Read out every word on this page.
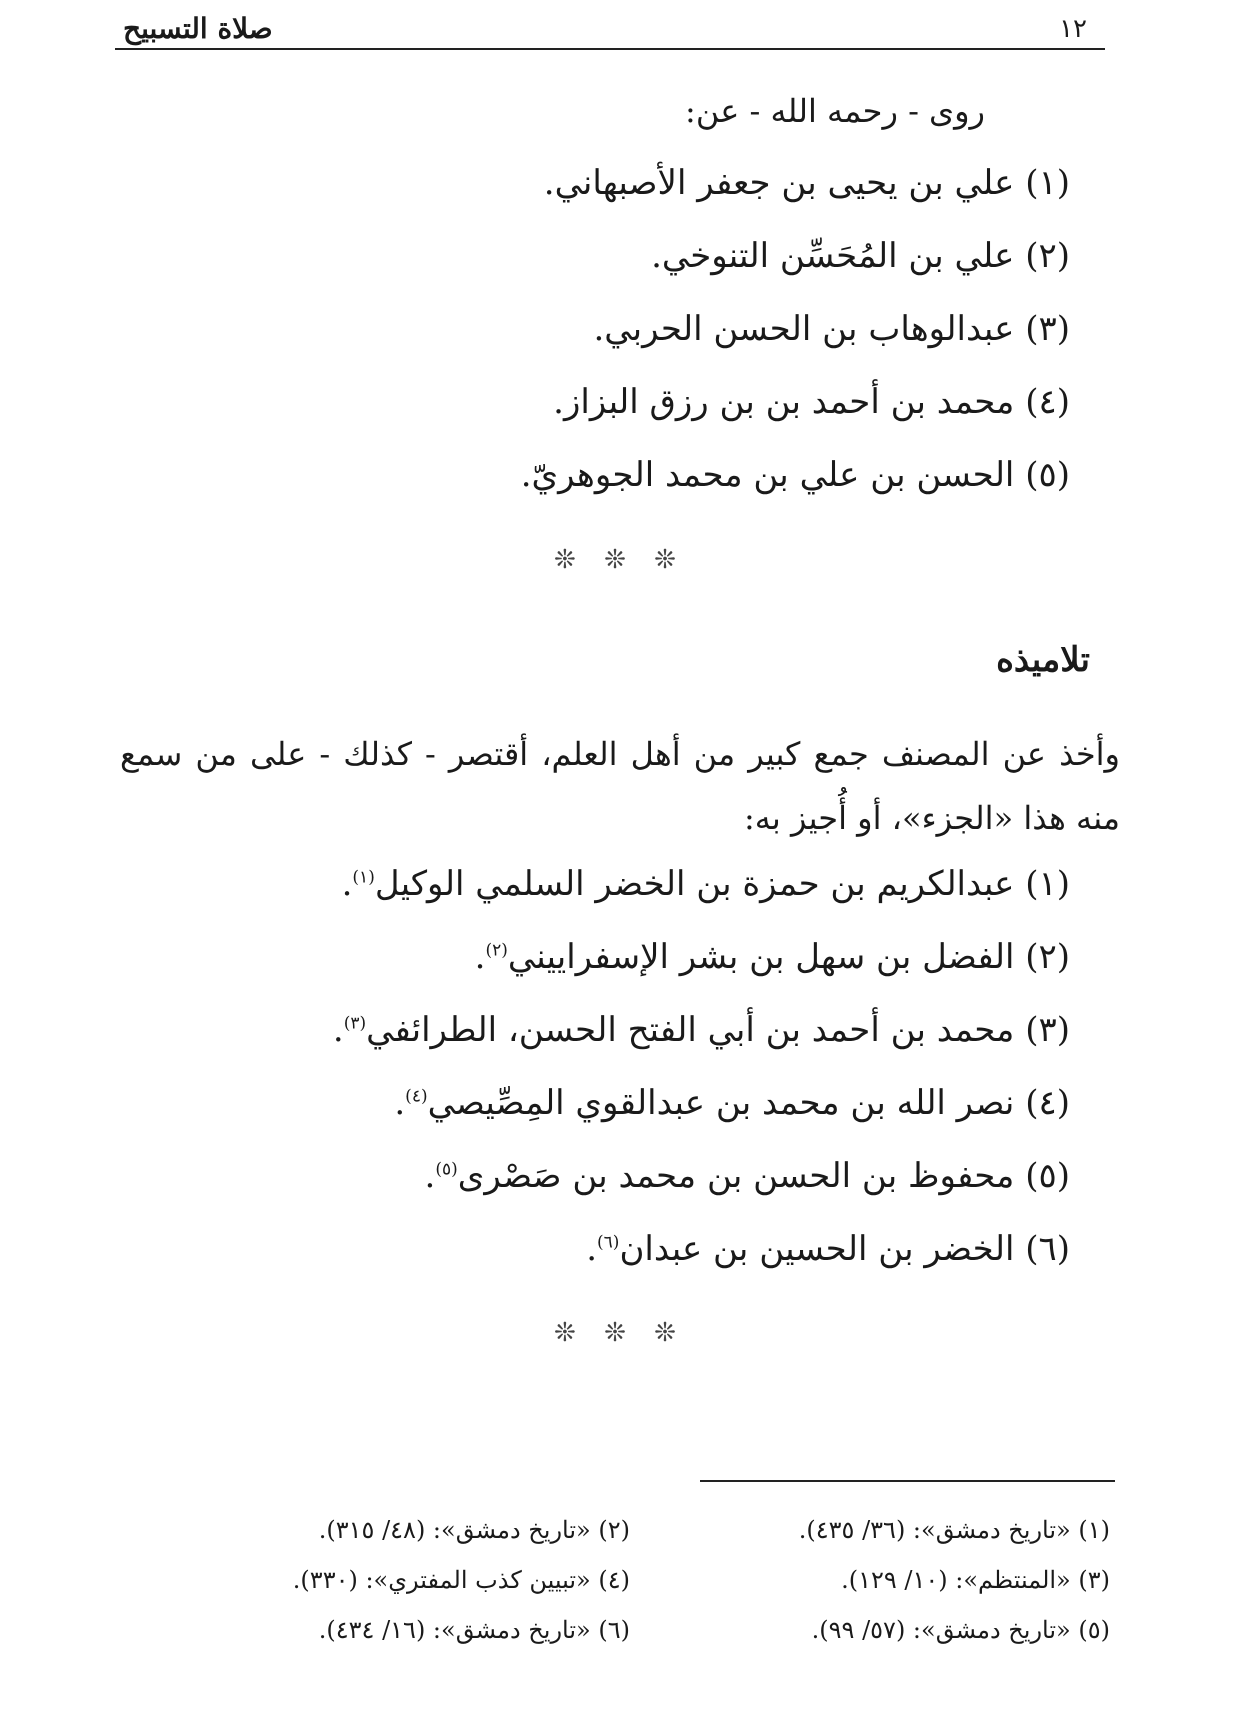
صلاة التسبيح	١٢
روى - رحمه الله - عن:
(١) علي بن يحيى بن جعفر الأصبهاني.
(٢) علي بن المُحَسِّن التنوخي.
(٣) عبدالوهاب بن الحسن الحربي.
(٤) محمد بن أحمد بن بن رزق البزاز.
(٥) الحسن بن علي بن محمد الجوهريّ.
❊ ❊ ❊
تلاميذه
وأخذ عن المصنف جمع كبير من أهل العلم، أقتصر - كذلك - على من سمع منه هذا «الجزء»، أو أُجيز به:
(١) عبدالكريم بن حمزة بن الخضر السلمي الوكيل$^{(١)}$.
(٢) الفضل بن سهل بن بشر الإسفراييني$^{(٢)}$.
(٣) محمد بن أحمد بن أبي الفتح الحسن، الطرائفي$^{(٣)}$.
(٤) نصر الله بن محمد بن عبدالقوي المِصِّيصي$^{(٤)}$.
(٥) محفوظ بن الحسن بن محمد بن صَصْرى$^{(٥)}$.
(٦) الخضر بن الحسين بن عبدان$^{(٦)}$.
❊ ❊ ❊
(١) «تاريخ دمشق»: (٣٦/ ٤٣٥).
(٢) «تاريخ دمشق»: (٤٨/ ٣١٥).
(٣) «المنتظم»: (١٠/ ١٢٩).
(٤) «تبيين كذب المفتري»: (٣٣٠).
(٥) «تاريخ دمشق»: (٥٧/ ٩٩).
(٦) «تاريخ دمشق»: (١٦/ ٤٣٤).
